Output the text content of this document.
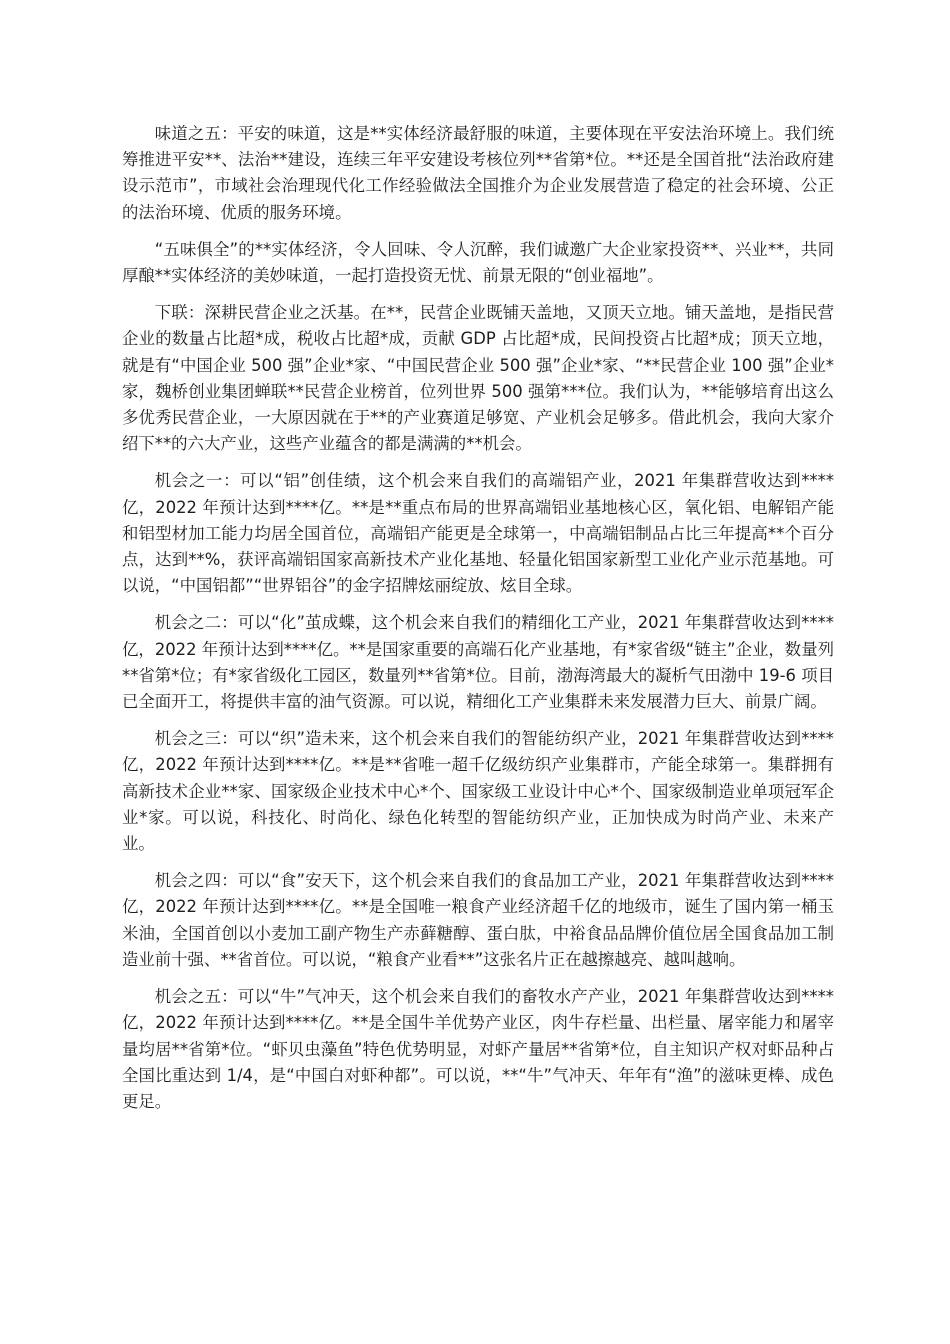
味道之五：平安的味道，这是**实体经济最舒服的味道，主要体现在平安法治环境上。我们统筹推进平安**、法治**建设，连续三年平安建设考核位列**省第*位。**还是全国首批“法治政府建设示范市”，市域社会治理现代化工作经验做法全国推介为企业发展营造了稳定的社会环境、公正的法治环境、优质的服务环境。

“五味俱全”的**实体经济，令人回味、令人沉醉，我们诚邀广大企业家投资**、兴业**，共同厚酿**实体经济的美妙味道，一起打造投资无忧、前景无限的“创业福地”。

下联：深耕民营企业之沃基。在**，民营企业既铺天盖地，又顶天立地。铺天盖地，是指民营企业的数量占比超*成，税收占比超*成，贡献 GDP 占比超*成，民间投资占比超*成；顶天立地，就是有“中国企业 500 强”企业*家、“中国民营企业 500 强”企业*家、“**民营企业 100 强”企业*家，魏桥创业集团蝉联**民营企业榜首，位列世界 500 强第***位。我们认为，**能够培育出这么多优秀民营企业，一大原因就在于**的产业赛道足够宽、产业机会足够多。借此机会，我向大家介绍下**的六大产业，这些产业蕴含的都是满满的**机会。

机会之一：可以“铝”创佳绩，这个机会来自我们的高端铝产业，2021 年集群营收达到****亿，2022 年预计达到****亿。**是**重点布局的世界高端铝业基地核心区，氧化铝、电解铝产能和铝型材加工能力均居全国首位，高端铝产能更是全球第一，中高端铝制品占比三年提高**个百分点，达到**%，获评高端铝国家高新技术产业化基地、轻量化铝国家新型工业化产业示范基地。可以说，“中国铝都”“世界铝谷”的金字招牌炫丽绽放、炫目全球。

机会之二：可以“化”茧成蝶，这个机会来自我们的精细化工产业，2021 年集群营收达到****亿，2022 年预计达到****亿。**是国家重要的高端石化产业基地，有*家省级“链主”企业，数量列**省第*位；有*家省级化工园区，数量列**省第*位。目前，渤海湾最大的凝析气田渤中 19-6 项目已全面开工，将提供丰富的油气资源。可以说，精细化工产业集群未来发展潜力巨大、前景广阔。

机会之三：可以“织”造未来，这个机会来自我们的智能纺织产业，2021 年集群营收达到****亿，2022 年预计达到****亿。**是**省唯一超千亿级纺织产业集群市，产能全球第一。集群拥有高新技术企业**家、国家级企业技术中心*个、国家级工业设计中心*个、国家级制造业单项冠军企业*家。可以说，科技化、时尚化、绿色化转型的智能纺织产业，正加快成为时尚产业、未来产业。

机会之四：可以“食”安天下，这个机会来自我们的食品加工产业，2021 年集群营收达到****亿，2022 年预计达到****亿。**是全国唯一粮食产业经济超千亿的地级市，诞生了国内第一桶玉米油，全国首创以小麦加工副产物生产赤藓糖醇、蛋白肽，中裕食品品牌价值位居全国食品加工制造业前十强、**省首位。可以说，“粮食产业看**”这张名片正在越擦越亮、越叫越响。

机会之五：可以“牛”气冲天，这个机会来自我们的畜牧水产产业，2021 年集群营收达到****亿，2022 年预计达到****亿。**是全国牛羊优势产业区，肉牛存栏量、出栏量、屠宰能力和屠宰量均居**省第*位。“虾贝虫藻鱼”特色优势明显，对虾产量居**省第*位，自主知识产权对虾品种占全国比重达到 1/4，是“中国白对虾种都”。可以说，**“牛”气冲天、年年有“渔”的滋味更棒、成色更足。
